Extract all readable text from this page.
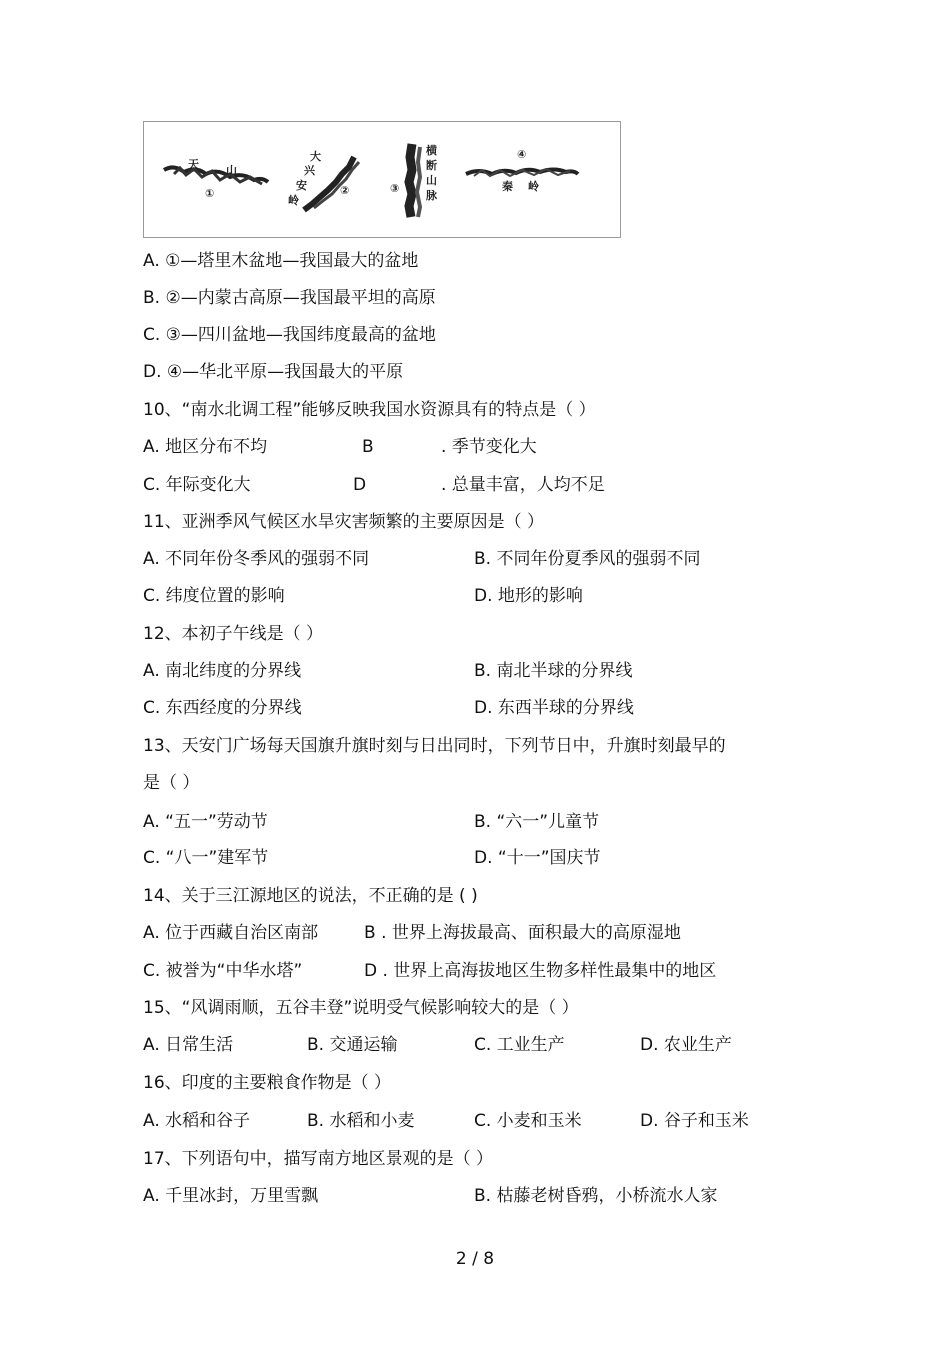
天 山
①
大
兴
安
岭
②
横
断
山
脉
③
④
秦 岭
A. ①—塔里木盆地—我国最大的盆地
B. ②—内蒙古高原—我国最平坦的高原
C. ③—四川盆地—我国纬度最高的盆地
D. ④—华北平原—我国最大的平原
10、“南水北调工程”能够反映我国水资源具有的特点是（ ）
A. 地区分布不均	B	. 季节变化大
C. 年际变化大	D	. 总量丰富，人均不足
11、亚洲季风气候区水旱灾害频繁的主要原因是（ ）
A. 不同年份冬季风的强弱不同	B. 不同年份夏季风的强弱不同
C. 纬度位置的影响	D. 地形的影响
12、本初子午线是（ ）
A. 南北纬度的分界线	B. 南北半球的分界线
C. 东西经度的分界线	D. 东西半球的分界线
13、天安门广场每天国旗升旗时刻与日出同时，下列节日中，升旗时刻最早的
是（ ）
A. “五一”劳动节	B. “六一”儿童节
C. “八一”建军节	D. “十一”国庆节
14、关于三江源地区的说法，不正确的是 ( )
A. 位于西藏自治区南部	B . 世界上海拔最高、面积最大的高原湿地
C. 被誉为“中华水塔”	D . 世界上高海拔地区生物多样性最集中的地区
15、“风调雨顺，五谷丰登”说明受气候影响较大的是（ ）
A. 日常生活	B. 交通运输	C. 工业生产	D. 农业生产
16、印度的主要粮食作物是（ ）
A. 水稻和谷子	B. 水稻和小麦	C. 小麦和玉米	D. 谷子和玉米
17、下列语句中，描写南方地区景观的是（ ）
A. 千里冰封，万里雪飘	B. 枯藤老树昏鸦，小桥流水人家
2 / 8
